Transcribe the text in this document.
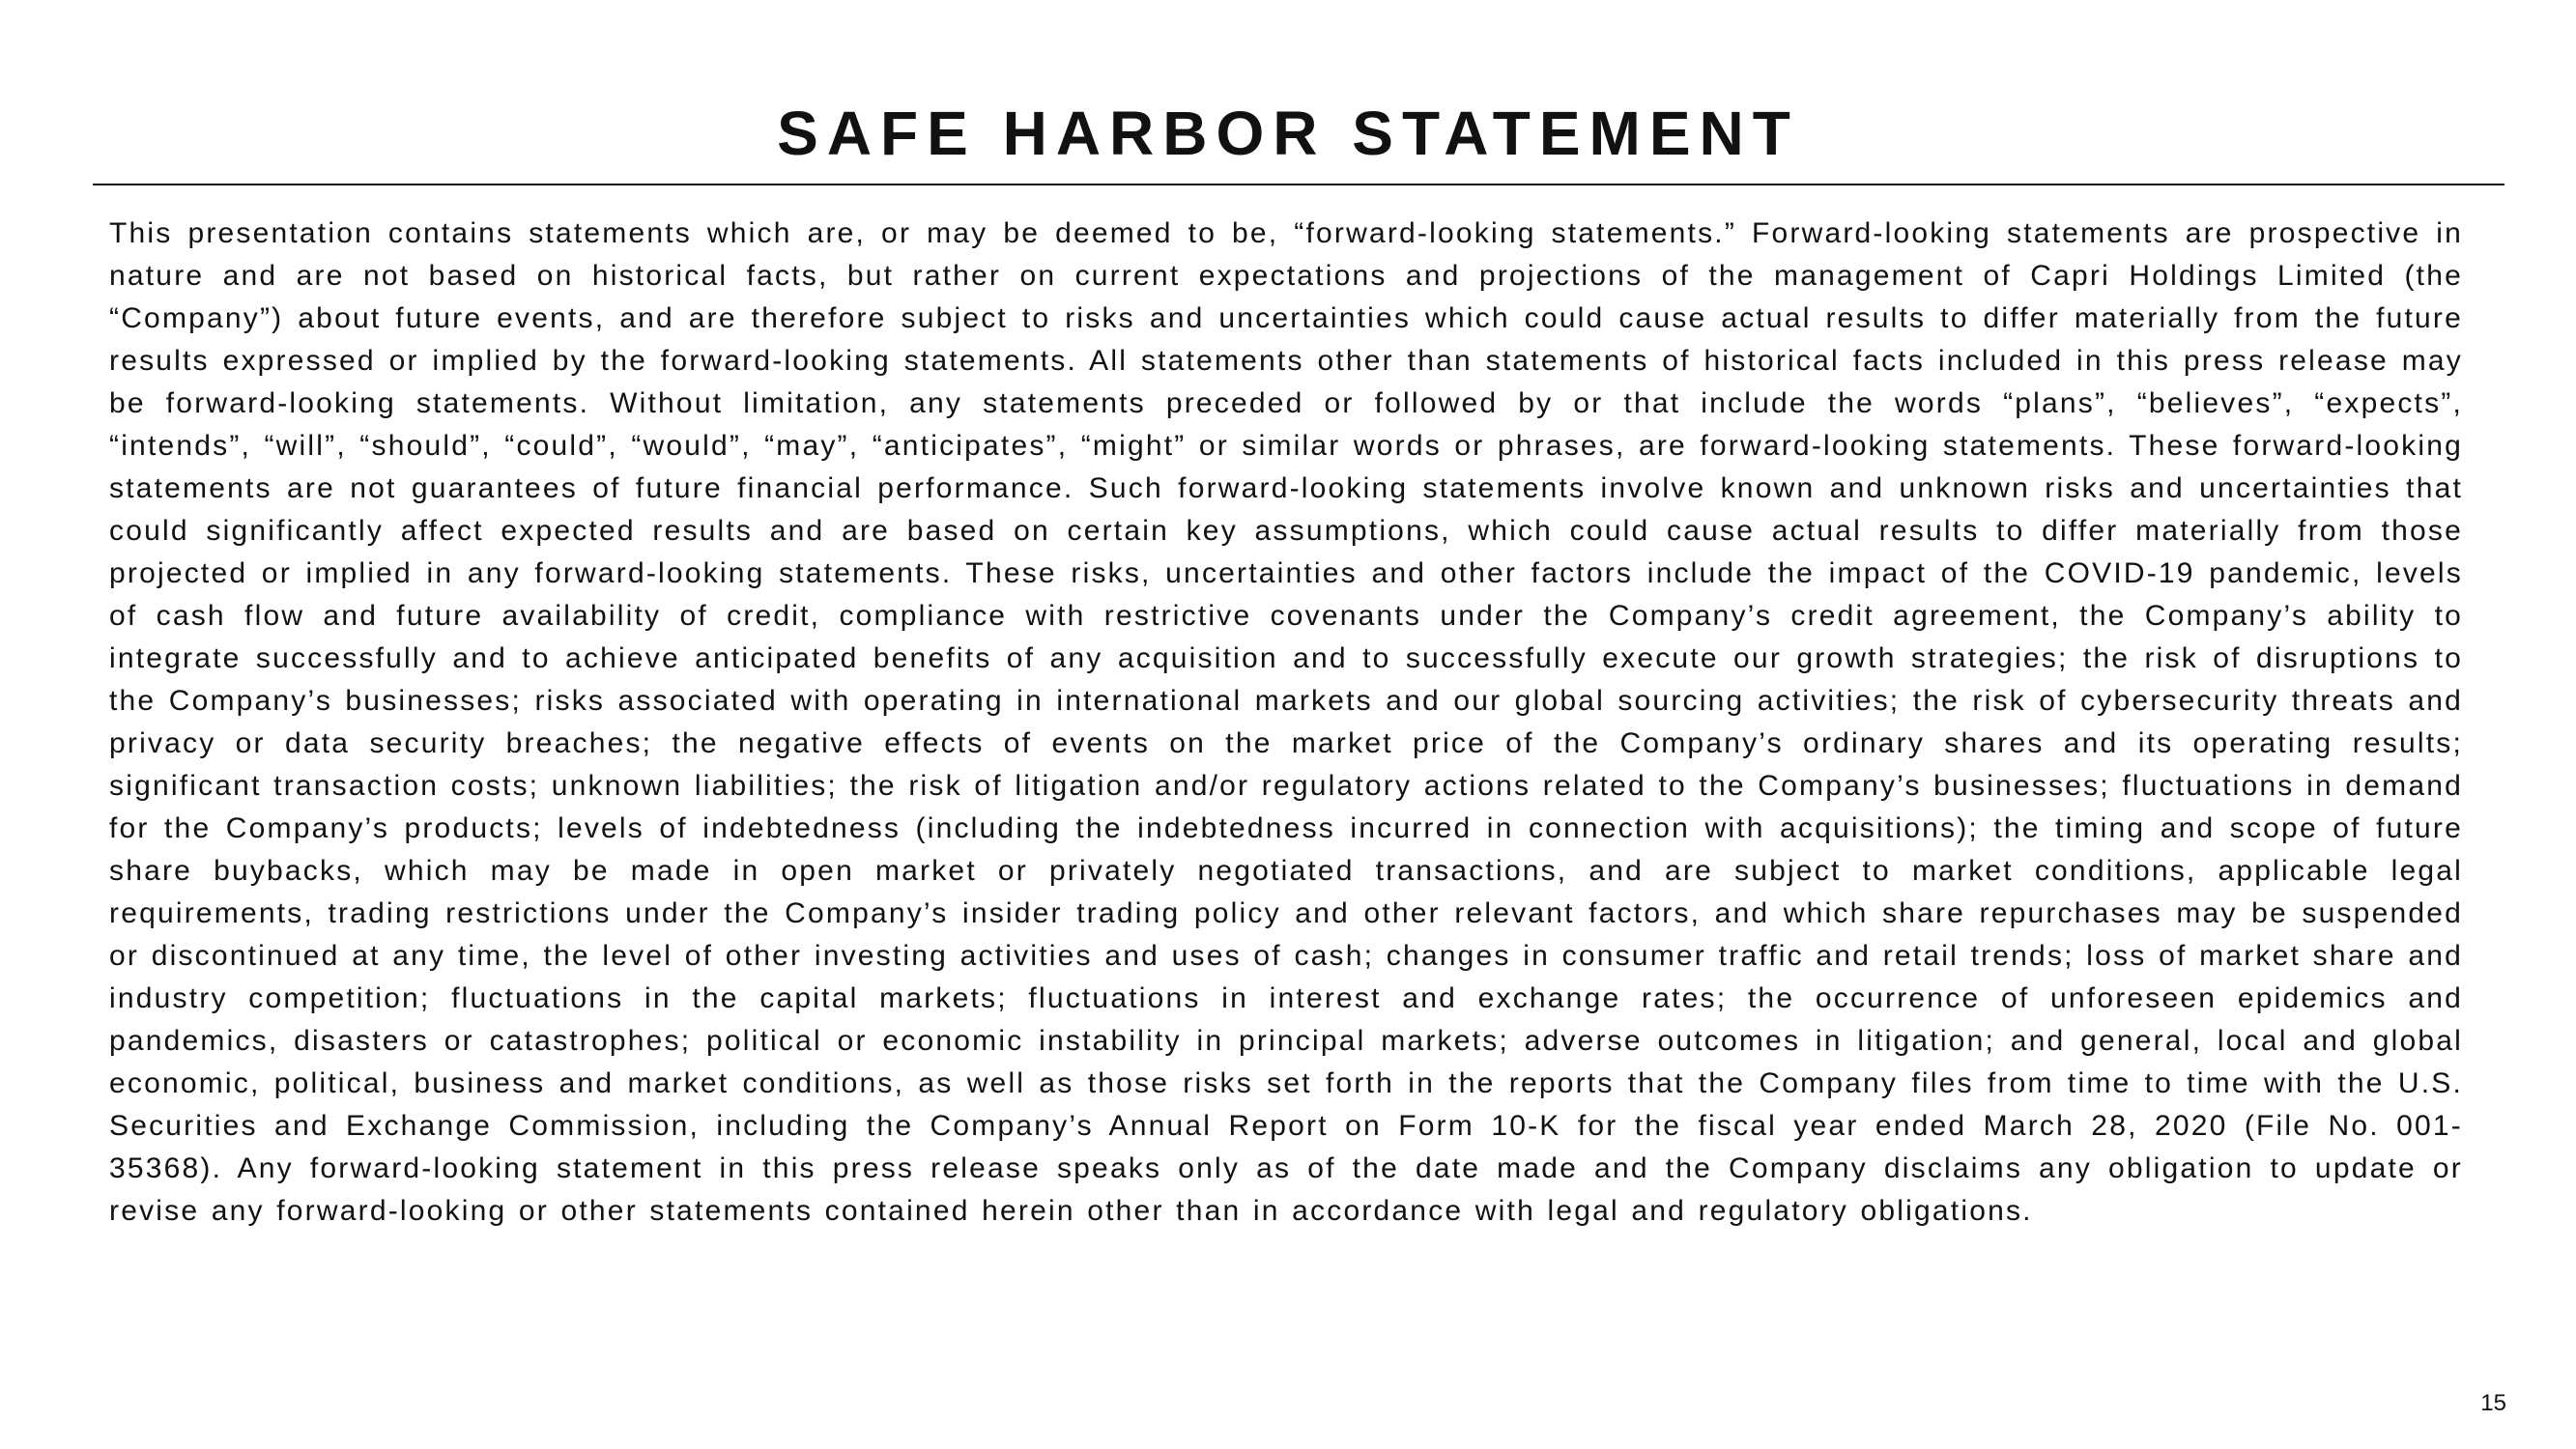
SAFE HARBOR STATEMENT

This presentation contains statements which are, or may be deemed to be, “forward-looking statements.” Forward-looking statements are prospective in nature and are not based on historical facts, but rather on current expectations and projections of the management of Capri Holdings Limited (the “Company”) about future events, and are therefore subject to risks and uncertainties which could cause actual results to differ materially from the future results expressed or implied by the forward-looking statements. All statements other than statements of historical facts included in this press release may be forward-looking statements. Without limitation, any statements preceded or followed by or that include the words “plans”, “believes”, “expects”, “intends”, “will”, “should”, “could”, “would”, “may”, “anticipates”, “might” or similar words or phrases, are forward-looking statements. These forward-looking statements are not guarantees of future financial performance. Such forward-looking statements involve known and unknown risks and uncertainties that could significantly affect expected results and are based on certain key assumptions, which could cause actual results to differ materially from those projected or implied in any forward-looking statements. These risks, uncertainties and other factors include the impact of the COVID-19 pandemic, levels of cash flow and future availability of credit, compliance with restrictive covenants under the Company’s credit agreement, the Company’s ability to integrate successfully and to achieve anticipated benefits of any acquisition and to successfully execute our growth strategies; the risk of disruptions to the Company’s businesses; risks associated with operating in international markets and our global sourcing activities; the risk of cybersecurity threats and privacy or data security breaches; the negative effects of events on the market price of the Company’s ordinary shares and its operating results; significant transaction costs; unknown liabilities; the risk of litigation and/or regulatory actions related to the Company’s businesses; fluctuations in demand for the Company’s products; levels of indebtedness (including the indebtedness incurred in connection with acquisitions); the timing and scope of future share buybacks, which may be made in open market or privately negotiated transactions, and are subject to market conditions, applicable legal requirements, trading restrictions under the Company’s insider trading policy and other relevant factors, and which share repurchases may be suspended or discontinued at any time, the level of other investing activities and uses of cash; changes in consumer traffic and retail trends; loss of market share and industry competition; fluctuations in the capital markets; fluctuations in interest and exchange rates; the occurrence of unforeseen epidemics and pandemics, disasters or catastrophes; political or economic instability in principal markets; adverse outcomes in litigation; and general, local and global economic, political, business and market conditions, as well as those risks set forth in the reports that the Company files from time to time with the U.S. Securities and Exchange Commission, including the Company’s Annual Report on Form 10-K for the fiscal year ended March 28, 2020 (File No. 001-35368). Any forward-looking statement in this press release speaks only as of the date made and the Company disclaims any obligation to update or revise any forward-looking or other statements contained herein other than in accordance with legal and regulatory obligations.

15
